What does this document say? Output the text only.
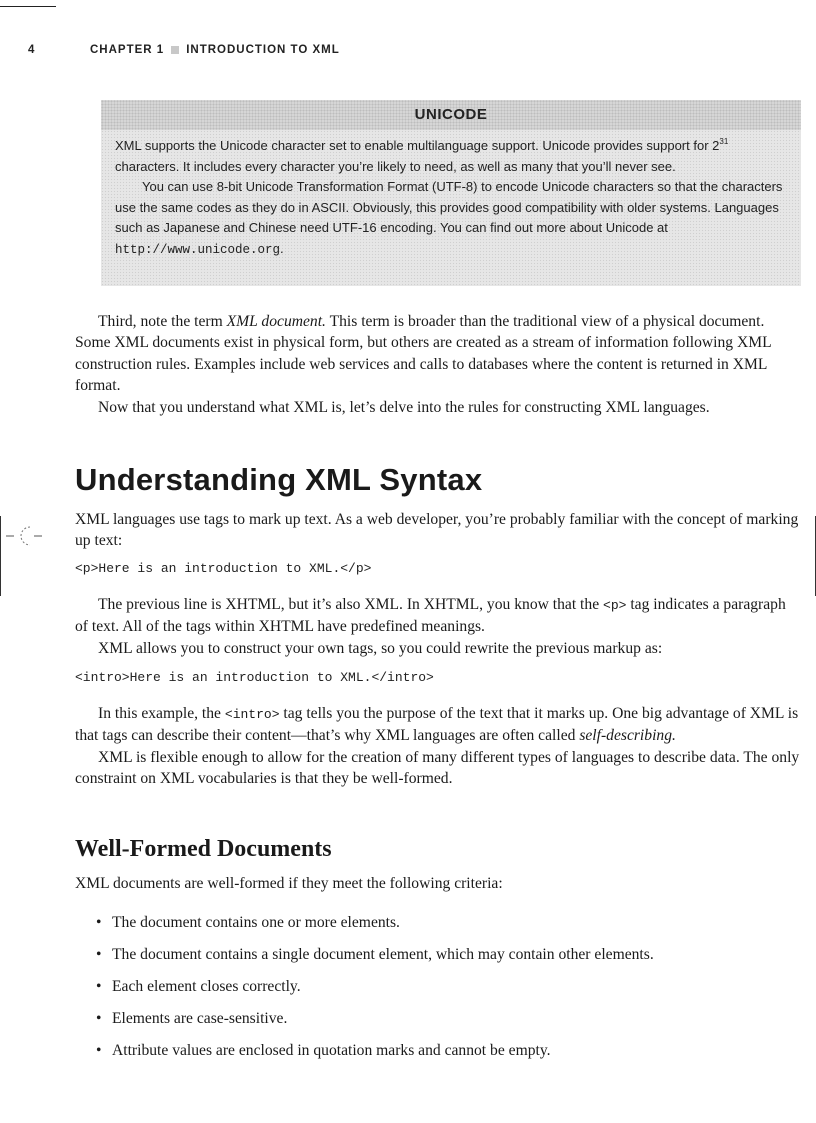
4	CHAPTER 1 INTRODUCTION TO XML
UNICODE

XML supports the Unicode character set to enable multilanguage support. Unicode provides support for $2^{31}$ characters. It includes every character you’re likely to need, as well as many that you’ll never see.

You can use 8-bit Unicode Transformation Format (UTF-8) to encode Unicode characters so that the characters use the same codes as they do in ASCII. Obviously, this provides good compatibility with older systems. Languages such as Japanese and Chinese need UTF-16 encoding. You can find out more about Unicode at http://www.unicode.org.

Third, note the term XML document. This term is broader than the traditional view of a physical document. Some XML documents exist in physical form, but others are created as a stream of information following XML construction rules. Examples include web services and calls to databases where the content is returned in XML format.

Now that you understand what XML is, let’s delve into the rules for constructing XML languages.

Understanding XML Syntax

XML languages use tags to mark up text. As a web developer, you’re probably familiar with the concept of marking up text:

<p>Here is an introduction to XML.</p>

The previous line is XHTML, but it’s also XML. In XHTML, you know that the <p> tag indicates a paragraph of text. All of the tags within XHTML have predefined meanings.

XML allows you to construct your own tags, so you could rewrite the previous markup as:

<intro>Here is an introduction to XML.</intro>

In this example, the <intro> tag tells you the purpose of the text that it marks up. One big advantage of XML is that tags can describe their content—that’s why XML languages are often called self-describing.

XML is flexible enough to allow for the creation of many different types of languages to describe data. The only constraint on XML vocabularies is that they be well-formed.

Well-Formed Documents

XML documents are well-formed if they meet the following criteria:

• The document contains one or more elements.
• The document contains a single document element, which may contain other elements.
• Each element closes correctly.
• Elements are case-sensitive.
• Attribute values are enclosed in quotation marks and cannot be empty.
